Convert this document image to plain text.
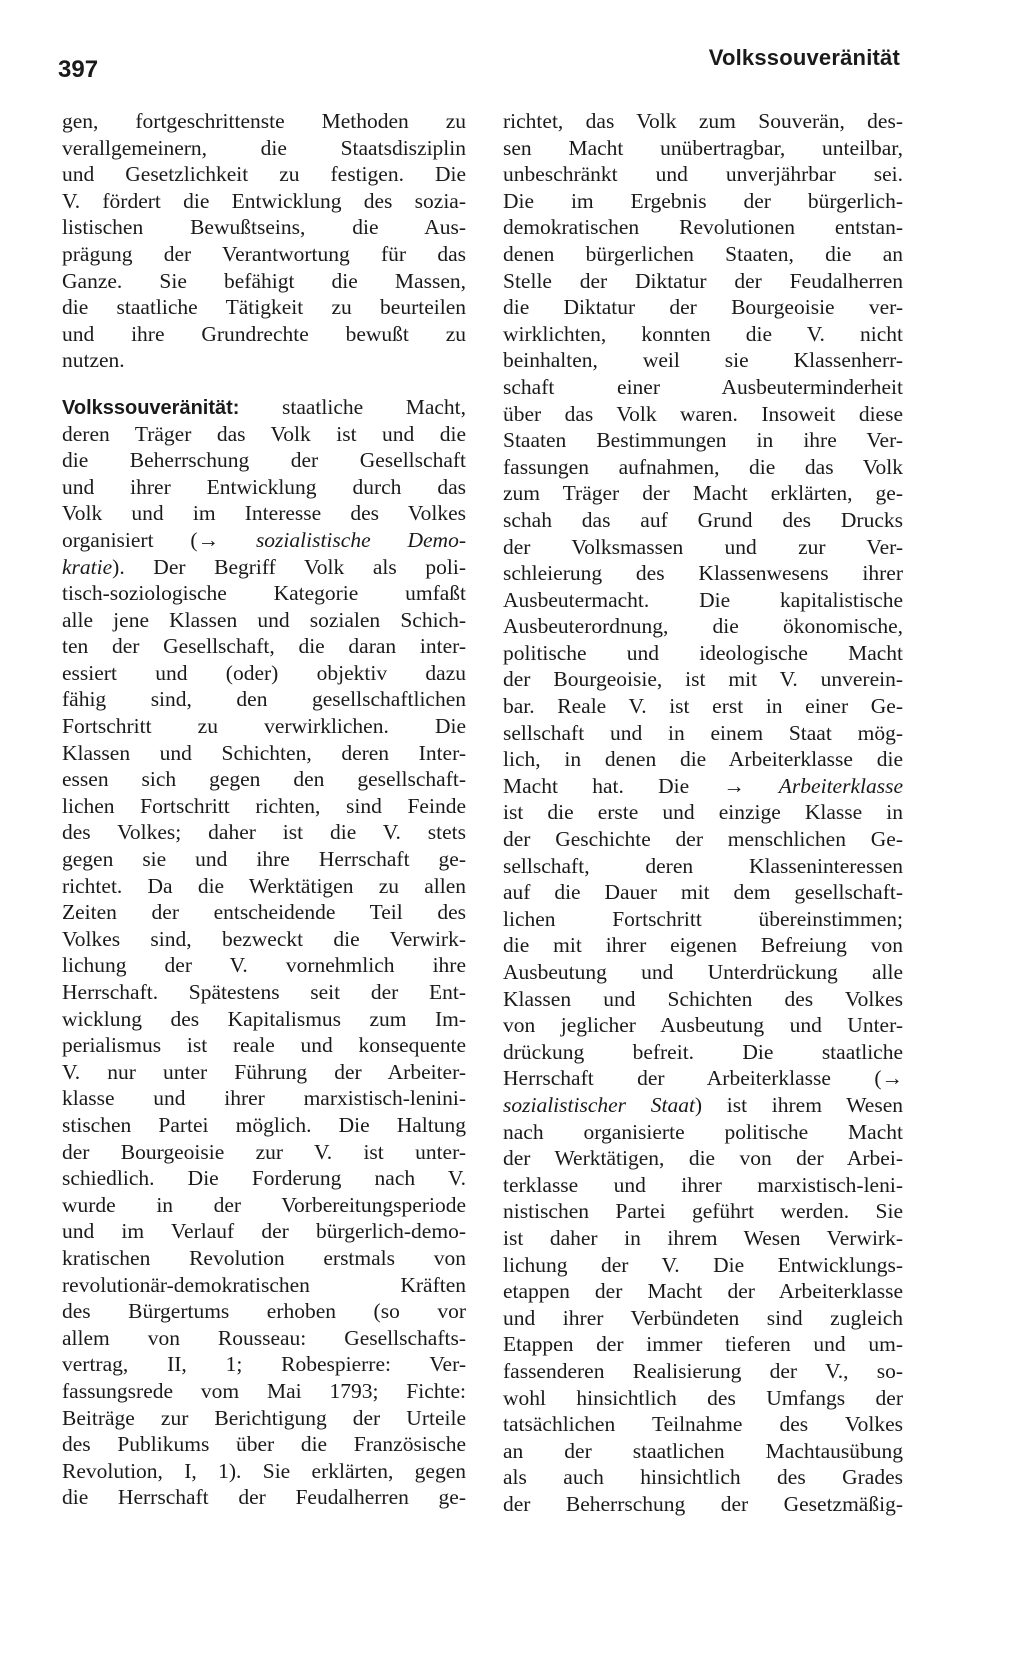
397	Volkssouveränität
gen, fortgeschrittenste Methoden zu
verallgemeinern, die Staatsdisziplin
und Gesetzlichkeit zu festigen. Die
V. fördert die Entwicklung des sozia-
listischen Bewußtseins, die Aus-
prägung der Verantwortung für das
Ganze. Sie befähigt die Massen,
die staatliche Tätigkeit zu beurteilen
und ihre Grundrechte bewußt zu
nutzen.
Volkssouveränität: staatliche Macht,
deren Träger das Volk ist und die
die Beherrschung der Gesellschaft
und ihrer Entwicklung durch das
Volk und im Interesse des Volkes
organisiert (→ sozialistische Demo-
kratie). Der Begriff Volk als poli-
tisch-soziologische Kategorie umfaßt
alle jene Klassen und sozialen Schich-
ten der Gesellschaft, die daran inter-
essiert und (oder) objektiv dazu
fähig sind, den gesellschaftlichen
Fortschritt zu verwirklichen. Die
Klassen und Schichten, deren Inter-
essen sich gegen den gesellschaft-
lichen Fortschritt richten, sind Feinde
des Volkes; daher ist die V. stets
gegen sie und ihre Herrschaft ge-
richtet. Da die Werktätigen zu allen
Zeiten der entscheidende Teil des
Volkes sind, bezweckt die Verwirk-
lichung der V. vornehmlich ihre
Herrschaft. Spätestens seit der Ent-
wicklung des Kapitalismus zum Im-
perialismus ist reale und konsequente
V. nur unter Führung der Arbeiter-
klasse und ihrer marxistisch-lenini-
stischen Partei möglich. Die Haltung
der Bourgeoisie zur V. ist unter-
schiedlich. Die Forderung nach V.
wurde in der Vorbereitungsperiode
und im Verlauf der bürgerlich-demo-
kratischen Revolution erstmals von
revolutionär-demokratischen Kräften
des Bürgertums erhoben (so vor
allem von Rousseau: Gesellschafts-
vertrag, II, 1; Robespierre: Ver-
fassungsrede vom Mai 1793; Fichte:
Beiträge zur Berichtigung der Urteile
des Publikums über die Französische
Revolution, I, 1). Sie erklärten, gegen
die Herrschaft der Feudalherren ge-
richtet, das Volk zum Souverän, des-
sen Macht unübertragbar, unteilbar,
unbeschränkt und unverjährbar sei.
Die im Ergebnis der bürgerlich-
demokratischen Revolutionen entstan-
denen bürgerlichen Staaten, die an
Stelle der Diktatur der Feudalherren
die Diktatur der Bourgeoisie ver-
wirklichten, konnten die V. nicht
beinhalten, weil sie Klassenherr-
schaft einer Ausbeuterminderheit
über das Volk waren. Insoweit diese
Staaten Bestimmungen in ihre Ver-
fassungen aufnahmen, die das Volk
zum Träger der Macht erklärten, ge-
schah das auf Grund des Drucks
der Volksmassen und zur Ver-
schleierung des Klassenwesens ihrer
Ausbeutermacht. Die kapitalistische
Ausbeuterordnung, die ökonomische,
politische und ideologische Macht
der Bourgeoisie, ist mit V. unverein-
bar. Reale V. ist erst in einer Ge-
sellschaft und in einem Staat mög-
lich, in denen die Arbeiterklasse die
Macht hat. Die → Arbeiterklasse
ist die erste und einzige Klasse in
der Geschichte der menschlichen Ge-
sellschaft, deren Klasseninteressen
auf die Dauer mit dem gesellschaft-
lichen Fortschritt übereinstimmen;
die mit ihrer eigenen Befreiung von
Ausbeutung und Unterdrückung alle
Klassen und Schichten des Volkes
von jeglicher Ausbeutung und Unter-
drückung befreit. Die staatliche
Herrschaft der Arbeiterklasse (→
sozialistischer Staat) ist ihrem Wesen
nach organisierte politische Macht
der Werktätigen, die von der Arbei-
terklasse und ihrer marxistisch-leni-
nistischen Partei geführt werden. Sie
ist daher in ihrem Wesen Verwirk-
lichung der V. Die Entwicklungs-
etappen der Macht der Arbeiterklasse
und ihrer Verbündeten sind zugleich
Etappen der immer tieferen und um-
fassenderen Realisierung der V., so-
wohl hinsichtlich des Umfangs der
tatsächlichen Teilnahme des Volkes
an der staatlichen Machtausübung
als auch hinsichtlich des Grades
der Beherrschung der Gesetzmäßig-
